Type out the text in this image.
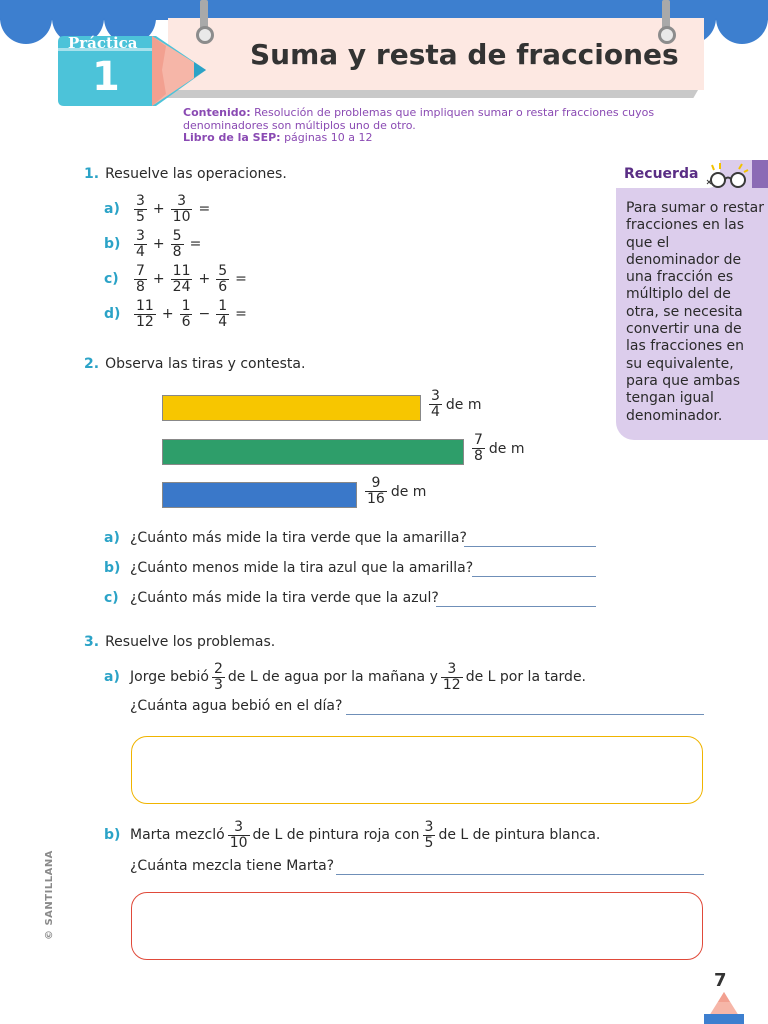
Suma y resta de fracciones
Práctica
1
Contenido: Resolución de problemas que impliquen sumar o restar fracciones cuyos denominadores son múltiplos uno de otro.
Libro de la SEP: páginas 10 a 12
1. Resuelve las operaciones.
a)	$\frac{3}{5} + \frac{3}{10}$ =
$b) \frac{3}{4} + \frac{5}{8}$ =
c)	$\frac{7}{8} + \frac{11}{24} + \frac{5}{6}$ =
$d) \frac{11}{12} + \frac{1}{6} - \frac{1}{4}$ =
2. Observa las tiras y contesta.
$\frac{3}{4}$ de m
$\frac{7}{8}$ de m
$\frac{9}{16}$ de m
a) ¿Cuánto más mide la tira verde que la amarilla?
b) ¿Cuánto menos mide la tira azul que la amarilla?
c) ¿Cuánto más mide la tira verde que la azul?
3. Resuelve los problemas.
a) Jorge bebió $\frac{2}{3}$ de L de agua por la mañana y $\frac{3}{12}$ de L por la tarde.
¿Cuánta agua bebió en el día?
b) Marta mezcló $\frac{3}{10}$ de L de pintura roja con $\frac{3}{5}$ de L de pintura blanca.
¿Cuánta mezcla tiene Marta?
Recuerda
Para sumar o restar fracciones en las que el denominador de una fracción es múltiplo del de otra, se necesita convertir una de las fracciones en su equivalente, para que ambas tengan igual denominador.
© SANTILLANA
7
